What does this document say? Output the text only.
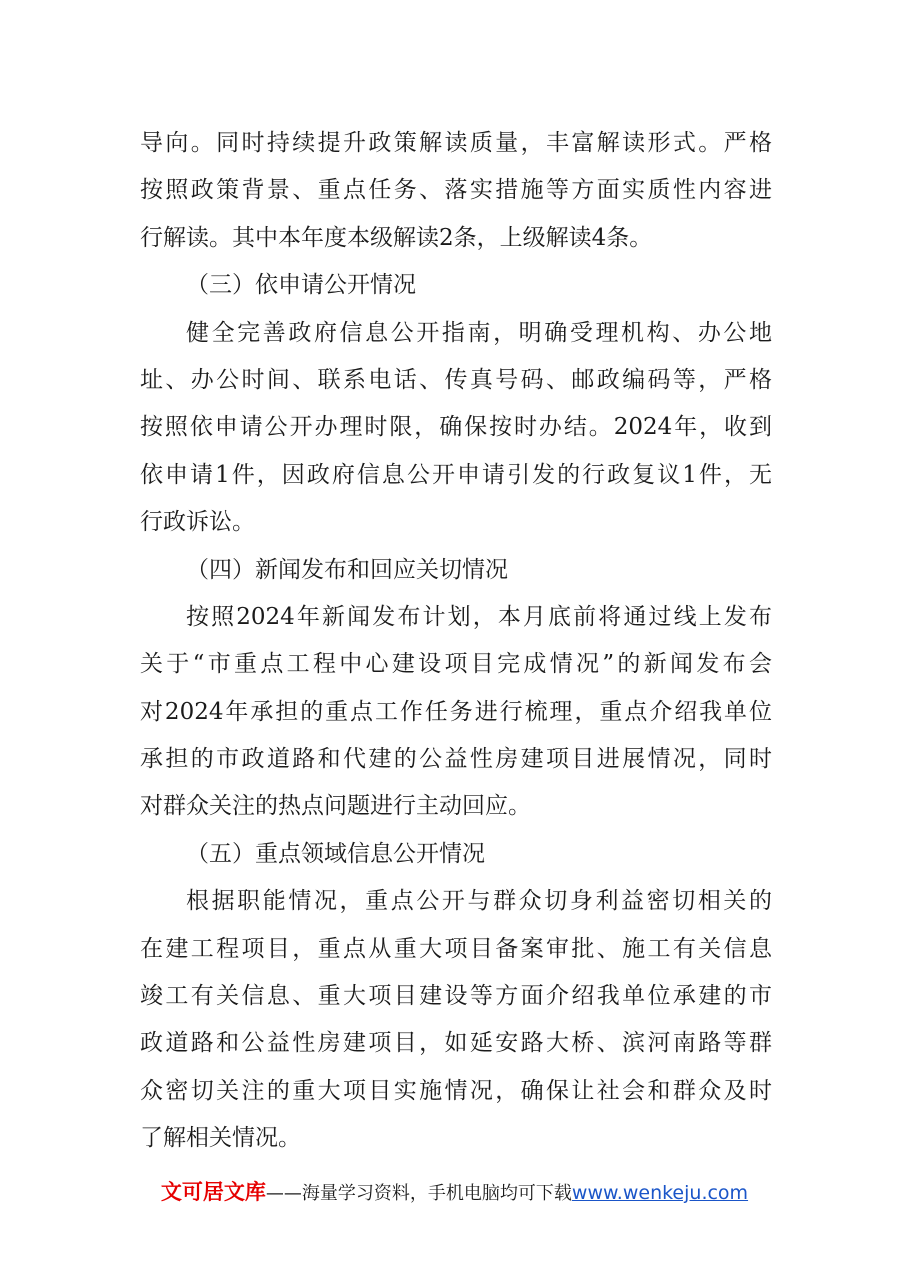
导向。同时持续提升政策解读质量，丰富解读形式。严格
按照政策背景、重点任务、落实措施等方面实质性内容进
行解读。其中本年度本级解读2条，上级解读4条。
（三）依申请公开情况
健全完善政府信息公开指南，明确受理机构、办公地
址、办公时间、联系电话、传真号码、邮政编码等，严格
按照依申请公开办理时限，确保按时办结。2024年，收到
依申请1件，因政府信息公开申请引发的行政复议1件，无
行政诉讼。
（四）新闻发布和回应关切情况
按照2024年新闻发布计划，本月底前将通过线上发布
关于“市重点工程中心建设项目完成情况”的新闻发布会
对2024年承担的重点工作任务进行梳理，重点介绍我单位
承担的市政道路和代建的公益性房建项目进展情况，同时
对群众关注的热点问题进行主动回应。
（五）重点领域信息公开情况
根据职能情况，重点公开与群众切身利益密切相关的
在建工程项目，重点从重大项目备案审批、施工有关信息
竣工有关信息、重大项目建设等方面介绍我单位承建的市
政道路和公益性房建项目，如延安路大桥、滨河南路等群
众密切关注的重大项目实施情况，确保让社会和群众及时
了解相关情况。
文可居文库——海量学习资料，手机电脑均可下载www.wenkeju.com
